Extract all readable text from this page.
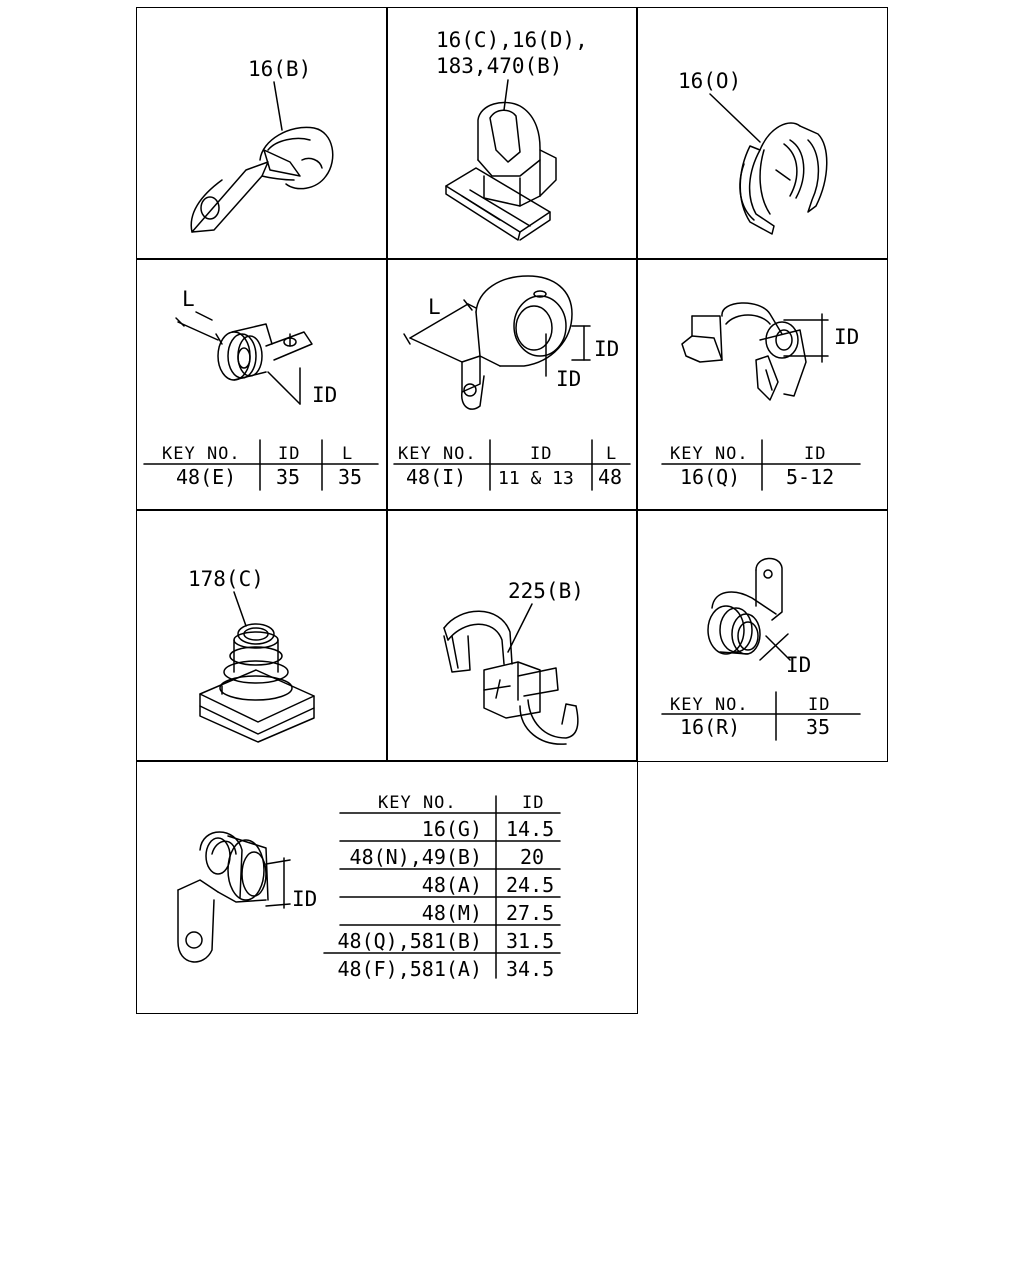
16(B)
16(C),16(D),
183,470(B)
16(O)
L
ID
L
ID
ID
ID
178(C)	225(B)
ID
ID
KEY NO. ID L
48(E) 35 35
KEY NO.	ID	L
48(I) 11 & 13 48
KEY NO.	ID
16(Q) 5-12
KEY NO.	ID
16(R)	35
KEY NO.	ID
16(G) 14.5
48(N),49(B) 20
48(A) 24.5
48(M) 27.5
48(Q),581(B) 31.5
48(F),581(A) 34.5
